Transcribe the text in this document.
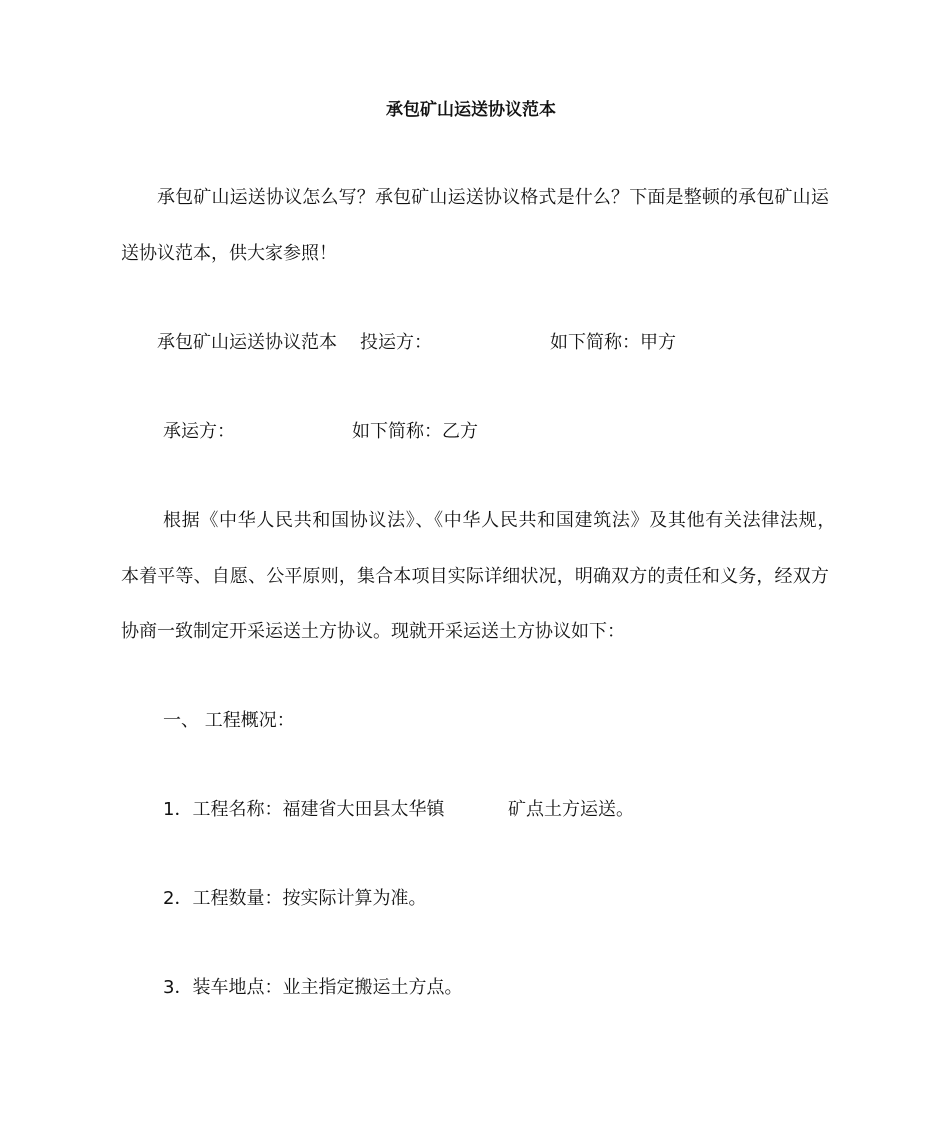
承包矿山运送协议范本
承包矿山运送协议怎么写？承包矿山运送协议格式是什么？下面是整顿的承包矿山运
送协议范本，供大家参照！
承包矿山运送协议范本 投运方：	如下简称：甲方
承运方：	如下简称：乙方
根据《中华人民共和国协议法》、《中华人民共和国建筑法》及其他有关法律法规，
本着平等、自愿、公平原则，集合本项目实际详细状况，明确双方的责任和义务，经双方
协商一致制定开采运送土方协议。现就开采运送土方协议如下：
一、 工程概况：
1．工程名称：福建省大田县太华镇	矿点土方运送。
2．工程数量：按实际计算为准。
3．装车地点：业主指定搬运土方点。
